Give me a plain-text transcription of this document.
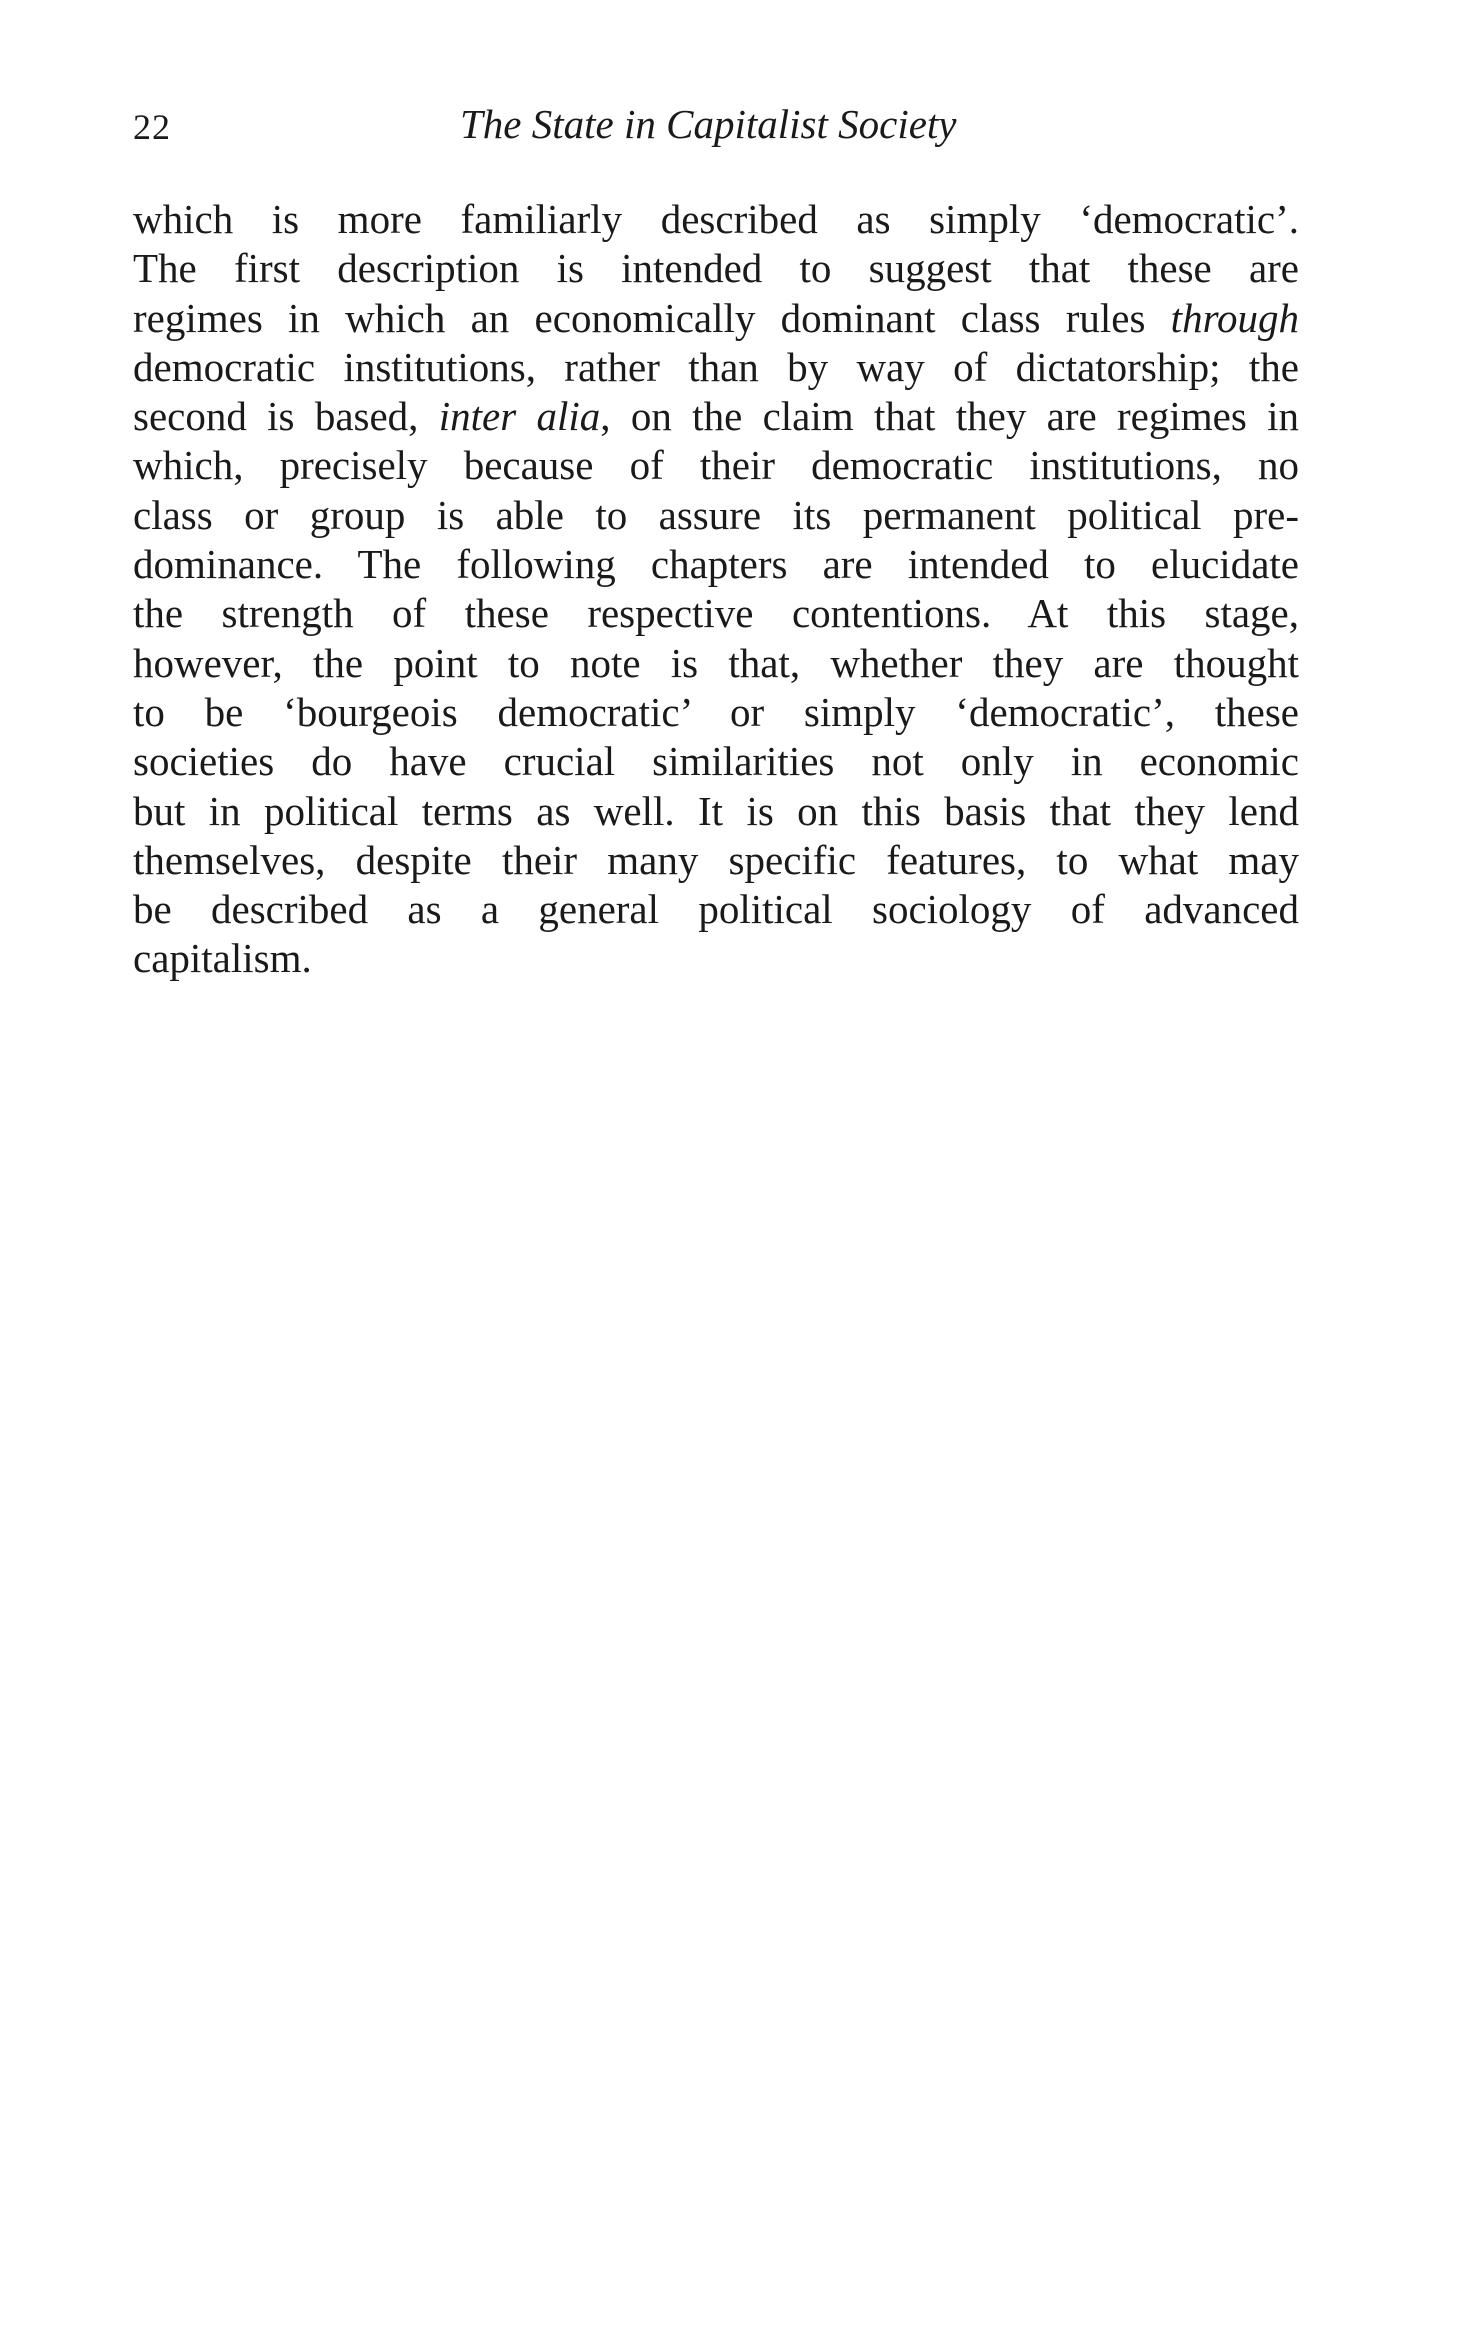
22	The State in Capitalist Society

which is more familiarly described as simply ‘democratic’.
The first description is intended to suggest that these are
regimes in which an economically dominant class rules through
democratic institutions, rather than by way of dictatorship; the
second is based, inter alia, on the claim that they are regimes in
which, precisely because of their democratic institutions, no
class or group is able to assure its permanent political pre-
dominance. The following chapters are intended to elucidate
the strength of these respective contentions. At this stage,
however, the point to note is that, whether they are thought
to be ‘bourgeois democratic’ or simply ‘democratic’, these
societies do have crucial similarities not only in economic
but in political terms as well. It is on this basis that they lend
themselves, despite their many specific features, to what may
be described as a general political sociology of advanced
capitalism.
